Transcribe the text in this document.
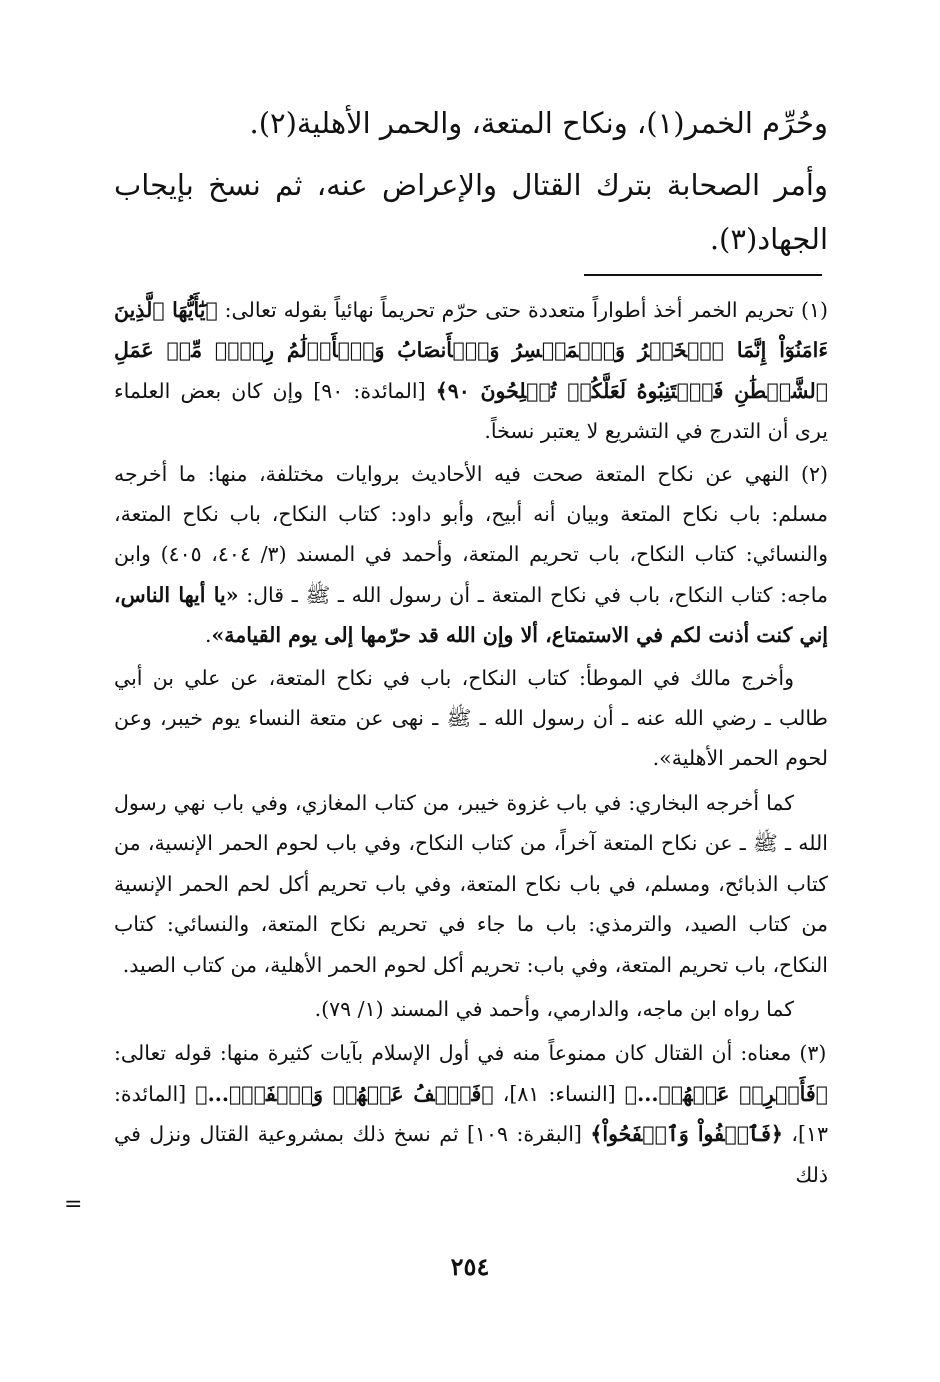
وحُرِّم الخمر(١)، ونكاح المتعة، والحمر الأهلية(٢).

وأمر الصحابة بترك القتال والإعراض عنه، ثم نسخ بإيجاب الجهاد(٣).

(١) تحريم الخمر أخذ أطواراً متعددة حتى حرّم تحريماً نهائياً بقوله تعالى: ﴿يَٰٓأَيُّهَا ٱلَّذِينَ ءَامَنُوٓاْ إِنَّمَا ٱلۡخَمۡرُ وَٱلۡمَيۡسِرُ وَٱلۡأَنصَابُ وَٱلۡأَزۡلَٰمُ رِجۡسٞ مِّنۡ عَمَلِ ٱلشَّيۡطَٰنِ فَٱجۡتَنِبُوهُ لَعَلَّكُمۡ تُفۡلِحُونَ ٩٠﴾ [المائدة: ٩٠] وإن كان بعض العلماء يرى أن التدرج في التشريع لا يعتبر نسخاً.

(٢) النهي عن نكاح المتعة صحت فيه الأحاديث بروايات مختلفة، منها: ما أخرجه مسلم: باب نكاح المتعة وبيان أنه أبيح، وأبو داود: كتاب النكاح، باب نكاح المتعة، والنسائي: كتاب النكاح، باب تحريم المتعة، وأحمد في المسند (٣/ ٤٠٤، ٤٠٥) وابن ماجه: كتاب النكاح، باب في نكاح المتعة ـ أن رسول الله ـ ﷺ ـ قال: «يا أيها الناس، إني كنت أذنت لكم في الاستمتاع، ألا وإن الله قد حرّمها إلى يوم القيامة».

وأخرج مالك في الموطأ: كتاب النكاح، باب في نكاح المتعة، عن علي بن أبي طالب ـ رضي الله عنه ـ أن رسول الله ـ ﷺ ـ نهى عن متعة النساء يوم خيبر، وعن لحوم الحمر الأهلية».

كما أخرجه البخاري: في باب غزوة خيبر، من كتاب المغازي، وفي باب نهي رسول الله ـ ﷺ ـ عن نكاح المتعة آخراً، من كتاب النكاح، وفي باب لحوم الحمر الإنسية، من كتاب الذبائح، ومسلم، في باب نكاح المتعة، وفي باب تحريم أكل لحم الحمر الإنسية من كتاب الصيد، والترمذي: باب ما جاء في تحريم نكاح المتعة، والنسائي: كتاب النكاح، باب تحريم المتعة، وفي باب: تحريم أكل لحوم الحمر الأهلية، من كتاب الصيد.

كما رواه ابن ماجه، والدارمي، وأحمد في المسند (١/ ٧٩).

(٣) معناه: أن القتال كان ممنوعاً منه في أول الإسلام بآيات كثيرة منها: قوله تعالى: ﴿فَأَعۡرِضۡ عَنۡهُمۡ...﴾ [النساء: ٨١]، ﴿فَٱعۡفُ عَنۡهُمۡ وَٱصۡفَحۡۚ...﴾ [المائدة: ١٣]، ﴿فَٱعۡفُواْ وَٱصۡفَحُواْ﴾ [البقرة: ١٠٩] ثم نسخ ذلك بمشروعية القتال ونزل في ذلك

=
٢٥٤
